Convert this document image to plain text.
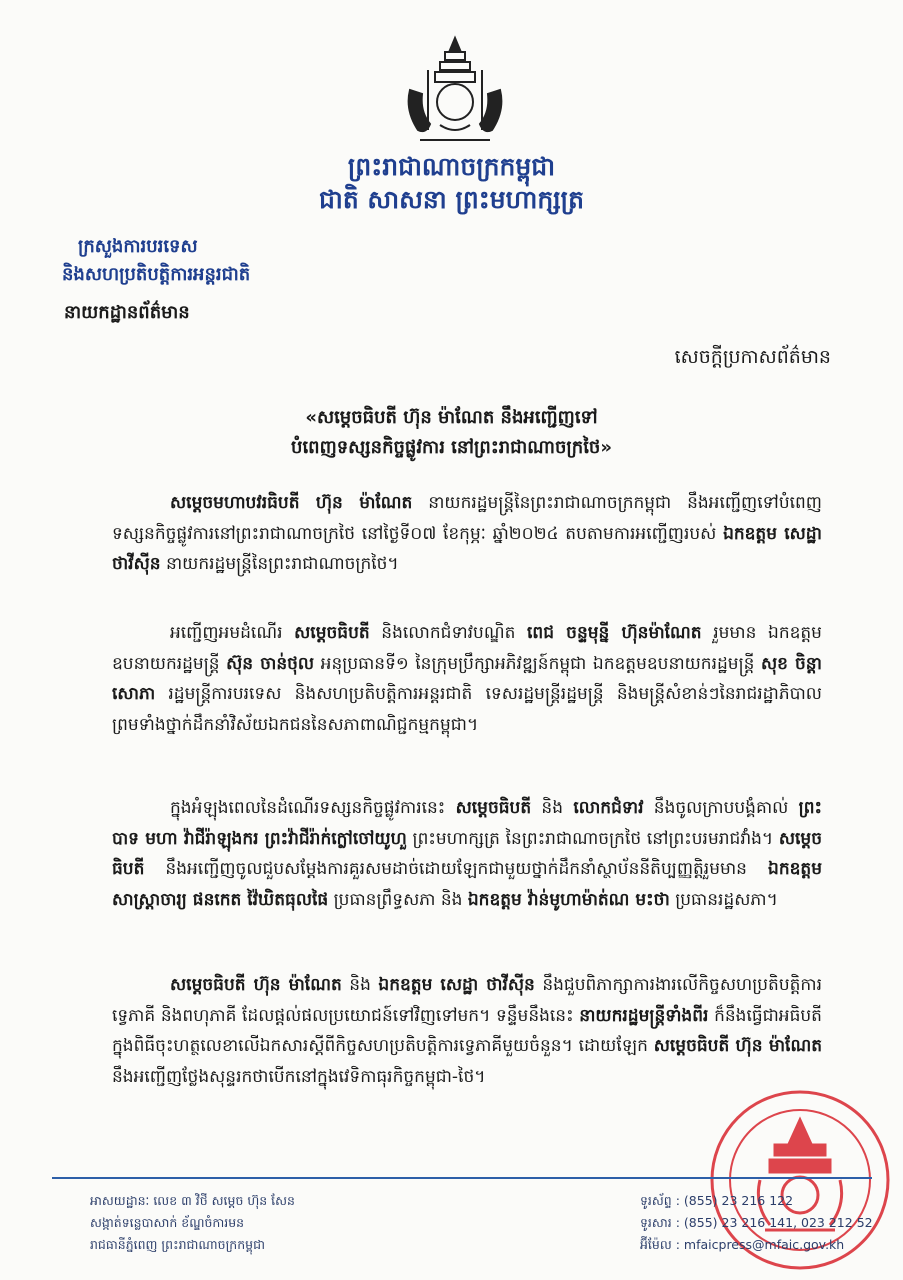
ព្រះរាជាណាចក្រកម្ពុជា
ជាតិ សាសនា ព្រះមហាក្សត្រ
ក្រសួងការបរទេស
និងសហប្រតិបត្តិការអន្តរជាតិ
នាយកដ្ឋានព័ត៌មាន
សេចក្តីប្រកាសព័ត៌មាន
«សម្តេចធិបតី ហ៊ុន ម៉ាណែត នឹងអញ្ជើញទៅ
បំពេញទស្សនកិច្ចផ្លូវការ នៅព្រះរាជាណាចក្រថៃ»
សម្តេចមហាបវរធិបតី ហ៊ុន ម៉ាណែត នាយករដ្ឋមន្ត្រីនៃព្រះរាជាណាចក្រកម្ពុជា នឹងអញ្ជើញទៅបំពេញទស្សនកិច្ចផ្លូវការនៅព្រះរាជាណាចក្រថៃ នៅថ្ងៃទី០៧ ខែកុម្ភៈ ឆ្នាំ២០២៤ តបតាមការអញ្ជើញរបស់ ឯកឧត្តម សេដ្ឋា ថាវីស៊ីន នាយករដ្ឋមន្ត្រីនៃព្រះរាជាណាចក្រថៃ។
អញ្ជើញអមដំណើរ សម្តេចធិបតី និងលោកជំទាវបណ្ឌិត ពេជ ចន្ទមុន្នី ហ៊ុនម៉ាណែត រួមមាន ឯកឧត្តមឧបនាយករដ្ឋមន្ត្រី ស៊ុន ចាន់ថុល អនុប្រធានទី១ នៃក្រុមប្រឹក្សាអភិវឌ្ឍន៍កម្ពុជា ឯកឧត្តមឧបនាយករដ្ឋមន្ត្រី សុខ ចិន្តាសោភា រដ្ឋមន្ត្រីការបរទេស និងសហប្រតិបត្តិការអន្តរជាតិ ទេសរដ្ឋមន្ត្រីរដ្ឋមន្ត្រី និងមន្ត្រីសំខាន់ៗនៃរាជរដ្ឋាភិបាល ព្រមទាំងថ្នាក់ដឹកនាំវិស័យឯកជននៃសភាពាណិជ្ជកម្មកម្ពុជា។
ក្នុងអំឡុងពេលនៃដំណើរទស្សនកិច្ចផ្លូវការនេះ សម្តេចធិបតី និង លោកជំទាវ នឹងចូលក្រាបបង្គំគាល់ ព្រះបាទ មហា វ៉ាជីរ៉ាឡុងករ ព្រះវ៉ាជីរ៉ាក់ក្លៅចៅយូហួ ព្រះមហាក្សត្រ នៃព្រះរាជាណាចក្រថៃ នៅព្រះបរមរាជវាំង។ សម្តេចធិបតី នឹងអញ្ជើញចូលជួបសម្តែងការគួរសមដាច់ដោយឡែកជាមួយថ្នាក់ដឹកនាំស្ថាប័ននីតិប្បញ្ញត្តិរួមមាន ឯកឧត្តមសាស្ត្រាចារ្យ ផនកេត វ៉ៃឃិតធុលផៃ ប្រធានព្រឹទ្ធសភា និង ឯកឧត្តម វ៉ាន់មូហាម៉ាត់ណ មះថា ប្រធានរដ្ឋសភា។
សម្តេចធិបតី ហ៊ុន ម៉ាណែត និង ឯកឧត្តម សេដ្ឋា ថាវីស៊ីន នឹងជួបពិភាក្សាការងារលើកិច្ចសហប្រតិបត្តិការទ្វេភាគី និងពហុភាគី ដែលផ្តល់ផលប្រយោជន៍ទៅវិញទៅមក។ ទន្ទឹមនឹងនេះ នាយករដ្ឋមន្ត្រីទាំងពីរ ក៏នឹងធ្វើជាអធិបតីក្នុងពិធីចុះហត្ថលេខាលើឯកសារស្តីពីកិច្ចសហប្រតិបត្តិការទ្វេភាគីមួយចំនួន។ ដោយឡែក សម្តេចធិបតី ហ៊ុន ម៉ាណែត នឹងអញ្ជើញថ្លែងសុន្ទរកថាបើកនៅក្នុងវេទិកាធុរកិច្ចកម្ពុជា-ថៃ។
អាសយដ្ឋានៈ លេខ ៣ វិថី សម្តេច ហ៊ុន សែន
សង្កាត់ទន្លេបាសាក់ ខ័ណ្ឌចំការមន
រាជធានីភ្នំពេញ ព្រះរាជាណាចក្រកម្ពុជា
ទូរស័ព្ទ : (855) 23 216 122
ទូរសារ : (855) 23 216 141, 023 212 52
អ៊ីម៉ែល : mfaicpress@mfaic.gov.kh
